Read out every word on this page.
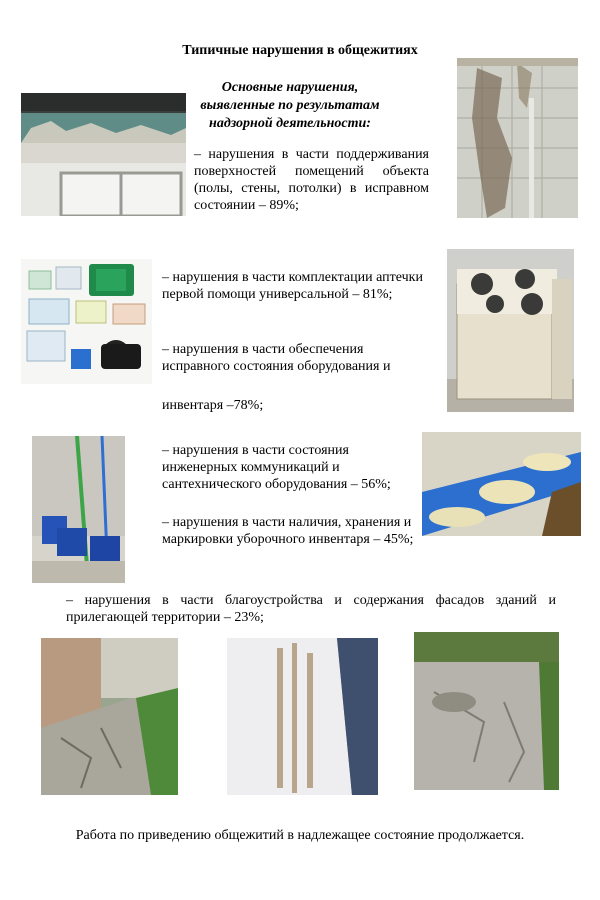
Типичные нарушения в общежитиях
Основные нарушения, выявленные по результатам надзорной деятельности:
– нарушения в части поддерживания поверхностей помещений объекта (полы, стены, потолки) в исправном состоянии – 89%;
– нарушения в части комплектации аптечки первой помощи универсальной – 81%;
– нарушения в части обеспечения исправного состояния оборудования и
инвентаря –78%;
– нарушения в части состояния инженерных коммуникаций и сантехнического оборудования – 56%;
– нарушения в части наличия, хранения и маркировки уборочного инвентаря – 45%;
– нарушения в части благоустройства и содержания фасадов зданий и прилегающей территории – 23%;
Работа по приведению общежитий в надлежащее состояние продолжается.
